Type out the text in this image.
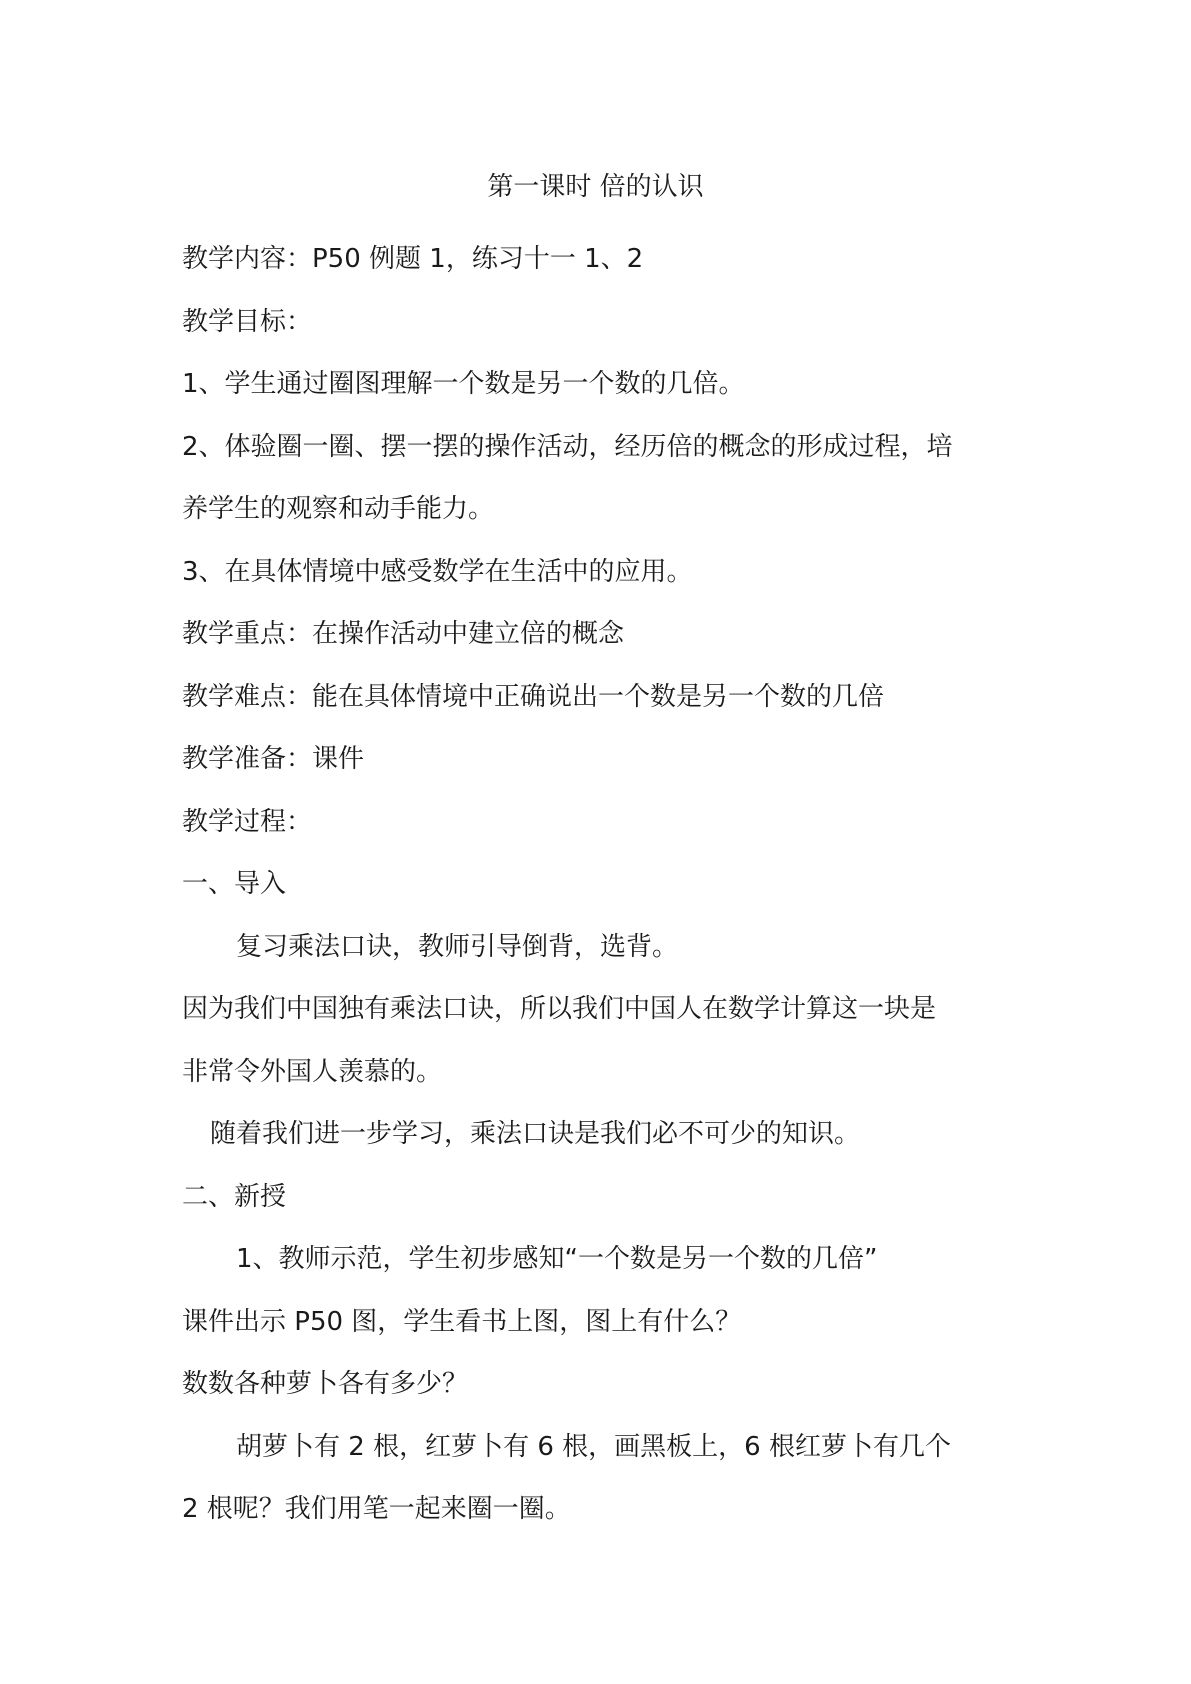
第一课时 倍的认识

教学内容：P50 例题 1，练习十一 1、2

教学目标：

1、学生通过圈图理解一个数是另一个数的几倍。

2、体验圈一圈、摆一摆的操作活动，经历倍的概念的形成过程，培

养学生的观察和动手能力。

3、在具体情境中感受数学在生活中的应用。

教学重点：在操作活动中建立倍的概念

教学难点：能在具体情境中正确说出一个数是另一个数的几倍

教学准备：课件

教学过程：

一、导入

复习乘法口诀，教师引导倒背，选背。

因为我们中国独有乘法口诀，所以我们中国人在数学计算这一块是

非常令外国人羡慕的。

随着我们进一步学习，乘法口诀是我们必不可少的知识。

二、新授

1、教师示范，学生初步感知“一个数是另一个数的几倍”

课件出示 P50 图，学生看书上图，图上有什么？

数数各种萝卜各有多少？

胡萝卜有 2 根，红萝卜有 6 根，画黑板上，6 根红萝卜有几个

2 根呢？我们用笔一起来圈一圈。
